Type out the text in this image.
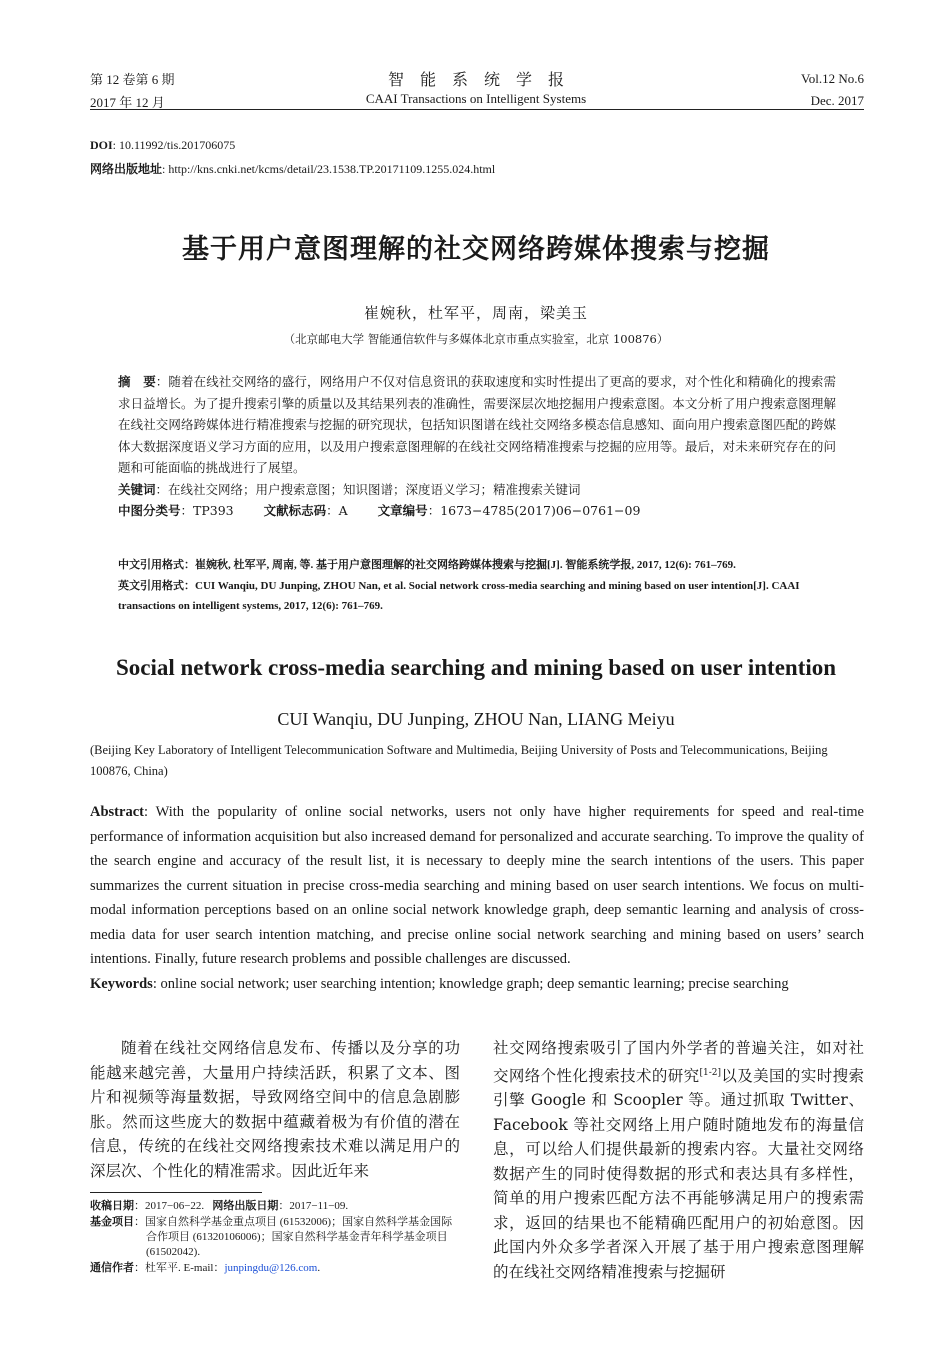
第 12 卷第 6 期
2017 年 12 月
智　能　系　统　学　报
CAAI Transactions on Intelligent Systems
Vol.12 No.6
Dec. 2017
DOI: 10.11992/tis.201706075
网络出版地址: http://kns.cnki.net/kcms/detail/23.1538.TP.20171109.1255.024.html
基于用户意图理解的社交网络跨媒体搜索与挖掘
崔婉秋，杜军平，周南，梁美玉
（北京邮电大学 智能通信软件与多媒体北京市重点实验室，北京 100876）
摘　要：随着在线社交网络的盛行，网络用户不仅对信息资讯的获取速度和实时性提出了更高的要求，对个性化和精确化的搜索需求日益增长。为了提升搜索引擎的质量以及其结果列表的准确性，需要深层次地挖掘用户搜索意图。本文分析了用户搜索意图理解在线社交网络跨媒体进行精准搜索与挖掘的研究现状，包括知识图谱在线社交网络多模态信息感知、面向用户搜索意图匹配的跨媒体大数据深度语义学习方面的应用，以及用户搜索意图理解的在线社交网络精准搜索与挖掘的应用等。最后，对未来研究存在的问题和可能面临的挑战进行了展望。
关键词：在线社交网络；用户搜索意图；知识图谱；深度语义学习；精准搜索关键词
中图分类号：TP393 文献标志码：A 文章编号：1673−4785(2017)06−0761−09
中文引用格式：崔婉秋, 杜军平, 周南, 等. 基于用户意图理解的社交网络跨媒体搜索与挖掘[J]. 智能系统学报, 2017, 12(6): 761–769.
英文引用格式：CUI Wanqiu, DU Junping, ZHOU Nan, et al. Social network cross-media searching and mining based on user intention[J]. CAAI transactions on intelligent systems, 2017, 12(6): 761–769.
Social network cross-media searching and mining based on user intention
CUI Wanqiu, DU Junping, ZHOU Nan, LIANG Meiyu
(Beijing Key Laboratory of Intelligent Telecommunication Software and Multimedia, Beijing University of Posts and Telecommunications, Beijing 100876, China)
Abstract: With the popularity of online social networks, users not only have higher requirements for speed and real-time performance of information acquisition but also increased demand for personalized and accurate searching. To improve the quality of the search engine and accuracy of the result list, it is necessary to deeply mine the search intentions of the users. This paper summarizes the current situation in precise cross-media searching and mining based on user search intentions. We focus on multi-modal information perceptions based on an online social network knowledge graph, deep semantic learning and analysis of cross-media data for user search intention matching, and precise online social network searching and mining based on users’ search intentions. Finally, future research problems and possible challenges are discussed.
Keywords: online social network; user searching intention; knowledge graph; deep semantic learning; precise searching
随着在线社交网络信息发布、传播以及分享的功能越来越完善，大量用户持续活跃，积累了文本、图片和视频等海量数据，导致网络空间中的信息急剧膨胀。然而这些庞大的数据中蕴藏着极为有价值的潜在信息，传统的在线社交网络搜索技术难以满足用户的深层次、个性化的精准需求。因此近年来
社交网络搜索吸引了国内外学者的普遍关注，如对社交网络个性化搜索技术的研究[1-2]以及美国的实时搜索引擎 Google 和 Scoopler 等。通过抓取 Twitter、Facebook 等社交网络上用户随时随地发布的海量信息，可以给人们提供最新的搜索内容。大量社交网络数据产生的同时使得数据的形式和表达具有多样性，简单的用户搜索匹配方法不再能够满足用户的搜索需求，返回的结果也不能精确匹配用户的初始意图。因此国内外众多学者深入开展了基于用户搜索意图理解的在线社交网络精准搜索与挖掘研
收稿日期：2017−06−22. 网络出版日期：2017−11−09.
基金项目：国家自然科学基金重点项目 (61532006)；国家自然科学基金国际合作项目 (61320106006)；国家自然科学基金青年科学基金项目 (61502042).
通信作者：杜军平. E-mail：junpingdu@126.com.
